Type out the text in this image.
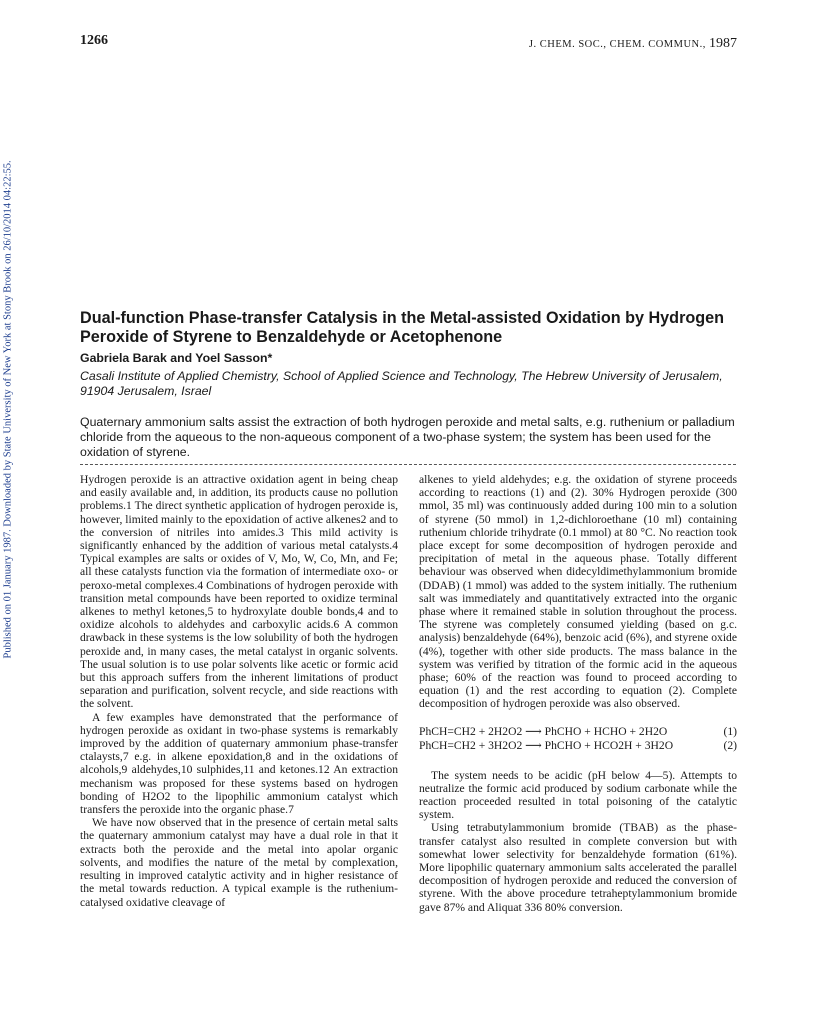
1266	J. CHEM. SOC., CHEM. COMMUN., 1987
Published on 01 January 1987. Downloaded by State University of New York at Stony Brook on 26/10/2014 04:22:55.	Dual-function Phase-transfer Catalysis in the Metal-assisted Oxidation by Hydrogen Peroxide of Styrene to Benzaldehyde or Acetophenone
Gabriela Barak and Yoel Sasson*
Casali Institute of Applied Chemistry, School of Applied Science and Technology, The Hebrew University of Jerusalem, 91904 Jerusalem, Israel

Quaternary ammonium salts assist the extraction of both hydrogen peroxide and metal salts, e.g. ruthenium or palladium chloride from the aqueous to the non-aqueous component of a two-phase system; the system has been used for the oxidation of styrene.

Hydrogen peroxide is an attractive oxidation agent in being cheap and easily available and, in addition, its products cause no pollution problems.1 The direct synthetic application of hydrogen peroxide is, however, limited mainly to the epoxidation of active alkenes2 and to the conversion of nitriles into amides.3 This mild activity is significantly enhanced by the addition of various metal catalysts.4 Typical examples are salts or oxides of V, Mo, W, Co, Mn, and Fe; all these catalysts function via the formation of intermediate oxo- or peroxo-metal complexes.4 Combinations of hydrogen peroxide with transition metal compounds have been reported to oxidize terminal alkenes to methyl ketones,5 to hydroxylate double bonds,4 and to oxidize alcohols to aldehydes and carboxylic acids.6 A common drawback in these systems is the low solubility of both the hydrogen peroxide and, in many cases, the metal catalyst in organic solvents. The usual solution is to use polar solvents like acetic or formic acid but this approach suffers from the inherent limitations of product separation and purification, solvent recycle, and side reactions with the solvent.

A few examples have demonstrated that the performance of hydrogen peroxide as oxidant in two-phase systems is remarkably improved by the addition of quaternary ammonium phase-transfer ctalaysts,7 e.g. in alkene epoxidation,8 and in the oxidations of alcohols,9 aldehydes,10 sulphides,11 and ketones.12 An extraction mechanism was proposed for these systems based on hydrogen bonding of H2O2 to the lipophilic ammonium catalyst which transfers the peroxide into the organic phase.7

We have now observed that in the presence of certain metal salts the quaternary ammonium catalyst may have a dual role in that it extracts both the peroxide and the metal into apolar organic solvents, and modifies the nature of the metal by complexation, resulting in improved catalytic activity and in higher resistance of the metal towards reduction. A typical example is the ruthenium-catalysed oxidative cleavage of

alkenes to yield aldehydes; e.g. the oxidation of styrene proceeds according to reactions (1) and (2). 30% Hydrogen peroxide (300 mmol, 35 ml) was continuously added during 100 min to a solution of styrene (50 mmol) in 1,2-dichloroethane (10 ml) containing ruthenium chloride trihydrate (0.1 mmol) at 80 °C. No reaction took place except for some decomposition of hydrogen peroxide and precipitation of metal in the aqueous phase. Totally different behaviour was observed when didecyldimethylammonium bromide (DDAB) (1 mmol) was added to the system initially. The ruthenium salt was immediately and quantitatively extracted into the organic phase where it remained stable in solution throughout the process. The styrene was completely consumed yielding (based on g.c. analysis) benzaldehyde (64%), benzoic acid (6%), and styrene oxide (4%), together with other side products. The mass balance in the system was verified by titration of the formic acid in the aqueous phase; 60% of the reaction was found to proceed according to equation (1) and the rest according to equation (2). Complete decomposition of hydrogen peroxide was also observed.

PhCH=CH2 + 2H2O2 ⟶ PhCHO + HCHO + 2H2O	(1)
PhCH=CH2 + 3H2O2 ⟶ PhCHO + HCO2H + 3H2O	(2)

The system needs to be acidic (pH below 4—5). Attempts to neutralize the formic acid produced by sodium carbonate while the reaction proceeded resulted in total poisoning of the catalytic system.

Using tetrabutylammonium bromide (TBAB) as the phase-transfer catalyst also resulted in complete conversion but with somewhat lower selectivity for benzaldehyde formation (61%). More lipophilic quaternary ammonium salts accelerated the parallel decomposition of hydrogen peroxide and reduced the conversion of styrene. With the above procedure tetraheptylammonium bromide gave 87% and Aliquat 336 80% conversion.
